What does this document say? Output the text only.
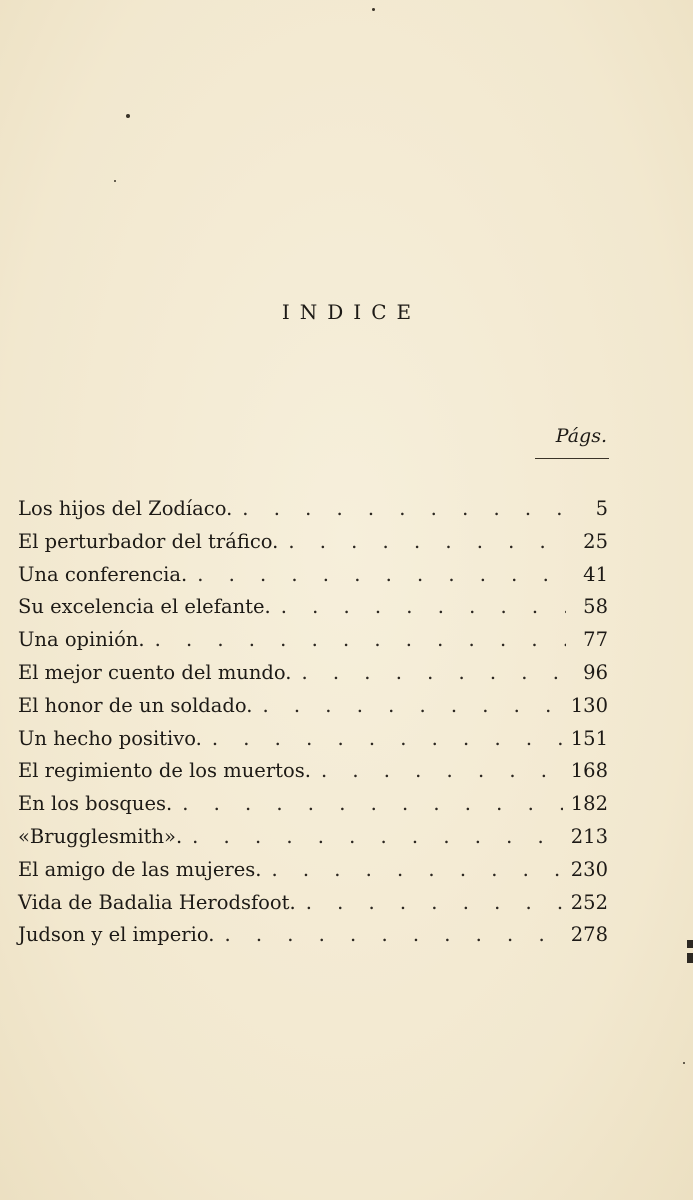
INDICE
Págs.
Los hijos del Zodíaco. . . .	5
El perturbador del tráfico. . . .	25
Una conferencia. . . .	41
Su excelencia el elefante. . . .	58
Una opinión. . . .	77
El mejor cuento del mundo. . . .	96
El honor de un soldado. . . .	130
Un hecho positivo. . . .	151
El regimiento de los muertos. . . .	168
En los bosques. . . .	182
«Brugglesmith». . . .	213
El amigo de las mujeres. . . .	230
Vida de Badalia Herodsfoot. . . .	252
Judson y el imperio. . . .	278
